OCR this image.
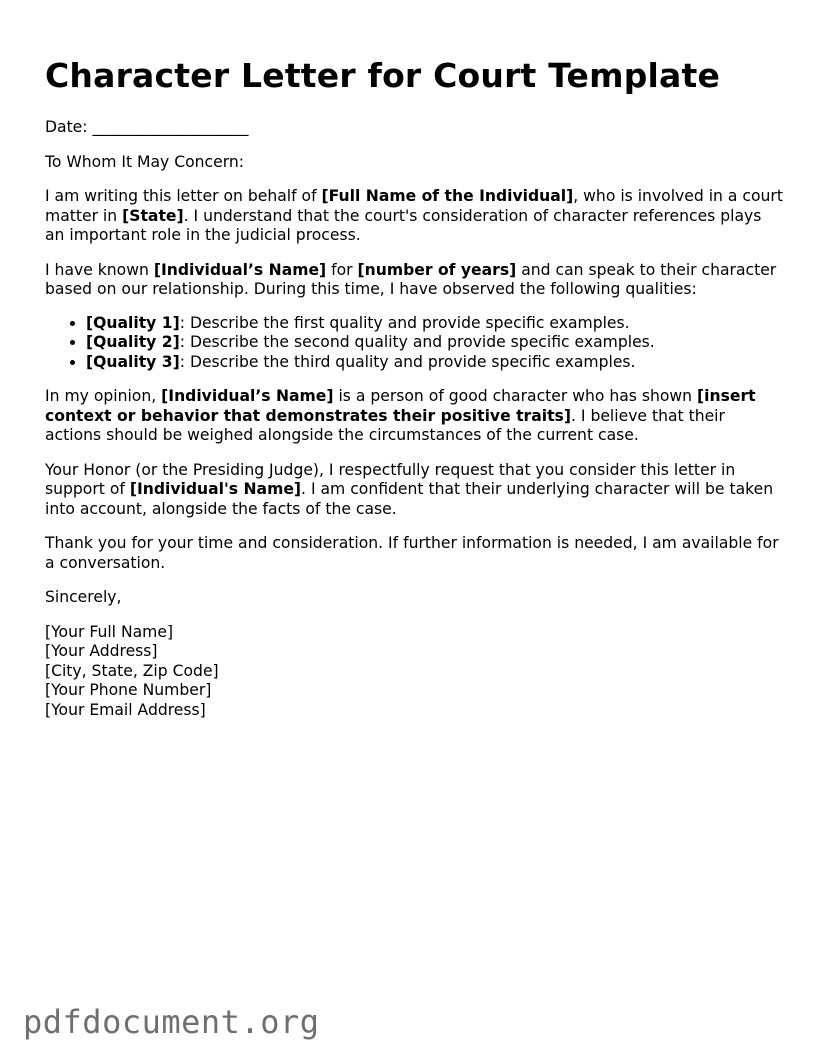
Character Letter for Court Template

Date: ____________________

To Whom It May Concern:

I am writing this letter on behalf of [Full Name of the Individual], who is involved in a court matter in [State]. I understand that the court's consideration of character references plays an important role in the judicial process.

I have known [Individual’s Name] for [number of years] and can speak to their character based on our relationship. During this time, I have observed the following qualities:

• [Quality 1]: Describe the first quality and provide specific examples.
• [Quality 2]: Describe the second quality and provide specific examples.
• [Quality 3]: Describe the third quality and provide specific examples.

In my opinion, [Individual’s Name] is a person of good character who has shown [insert context or behavior that demonstrates their positive traits]. I believe that their actions should be weighed alongside the circumstances of the current case.

Your Honor (or the Presiding Judge), I respectfully request that you consider this letter in support of [Individual's Name]. I am confident that their underlying character will be taken into account, alongside the facts of the case.

Thank you for your time and consideration. If further information is needed, I am available for a conversation.

Sincerely,

[Your Full Name]

[Your Address]

[City, State, Zip Code]

[Your Phone Number]

[Your Email Address]

pdfdocument.org
